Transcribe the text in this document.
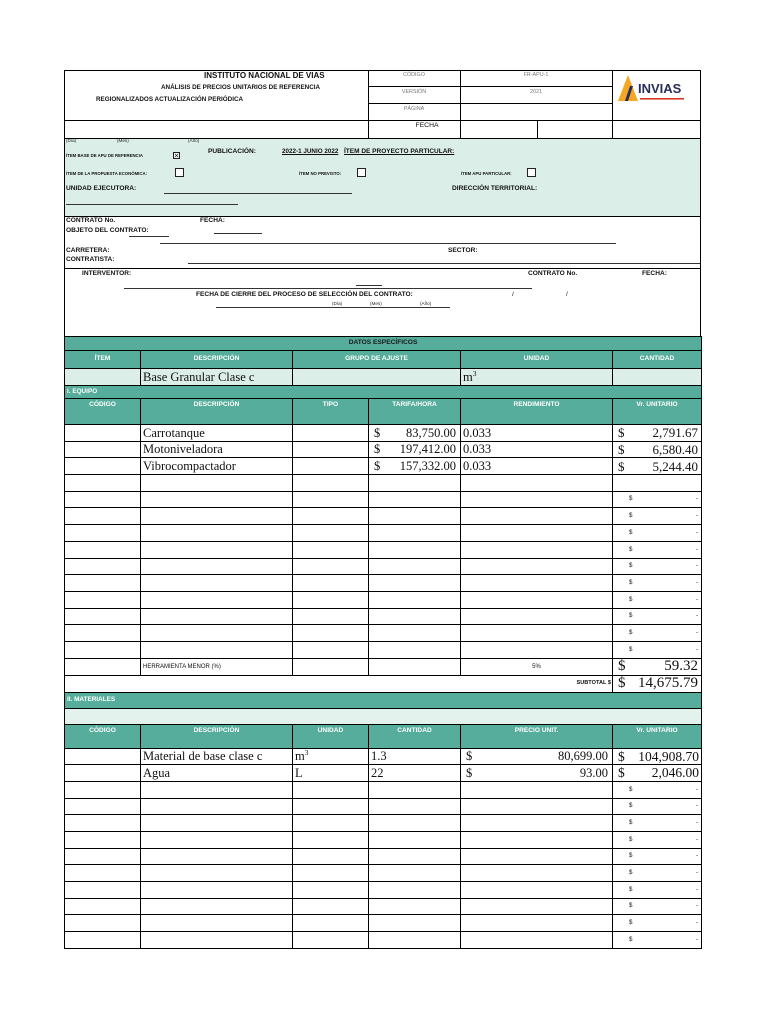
INSTITUTO NACIONAL DE VIAS
ANÁLISIS DE PRECIOS UNITARIOS DE REFERENCIA
REGIONALIZADOS ACTUALIZACIÓN PERIÓDICA
CÓDIGO	FR-APU-1
VERSIÓN	2021
PÁGINA
FECHA
INVIAS
(Día)	(Mes)	(Año)
ÍTEM BASE DE APU DE REFERENCIA
PUBLICACIÓN:	2022-1 JUNIO 2022 ÍTEM DE PROYECTO PARTICULAR:
ÍTEM DE LA PROPUESTA ECONÓMICA:	ÍTEM NO PREVISTO:	ÍTEM APU PARTICULAR:
UNIDAD EJECUTORA:	DIRECCIÓN TERRITORIAL:
CONTRATO No.	FECHA:
OBJETO DEL CONTRATO:
CARRETERA:	SECTOR:
CONTRATISTA:
INTERVENTOR:	CONTRATO No.	FECHA:
FECHA DE CIERRE DEL PROCESO DE SELECCIÓN DEL CONTRATO:	/	/
(Día)	(Mes)	(Año)
DATOS ESPECÍFICOS					
ÍTEM	DESCRIPCIÓN	GRUPO DE AJUSTE		UNIDAD	CANTIDAD
	Base Granular Clase c			$m^3$	
I. EQUIPO					
CÓDIGO	DESCRIPCIÓN	TIPO	TARIFA/HORA	RENDIMIENTO	Vr. UNITARIO
	Carrotanque		$ 83,750.00	0.033	$ 2,791.67

	Motoniveladora		$ 197,412.00	0.033	$ 6,580.40

	Vibrocompactador		$ 157,332.00	0.033	$ 5,244.40

					$ -

					$ -

					$ -

					$ -

					$ -

					$ -

					$ -

					$ -

					$ -

					$ -

	HERRAMIENTA MENOR (%)			5%	$ 59.32

SUBTOTAL $					$ 14,675.79

II. MATERIALES					

CÓDIGO	DESCRIPCIÓN	UNIDAD	CANTIDAD	PRECIO UNIT.	Vr. UNITARIO
	Material de base clase c	$m^3$	1.3	$ 80,699.00	$ 104,908.70

	Agua	L	22	$ 93.00	$ 2,046.00

					$ -

					$ -

					$ -

					$ -

					$ -

					$ -

					$ -

					$ -

					$ -

					$ -
